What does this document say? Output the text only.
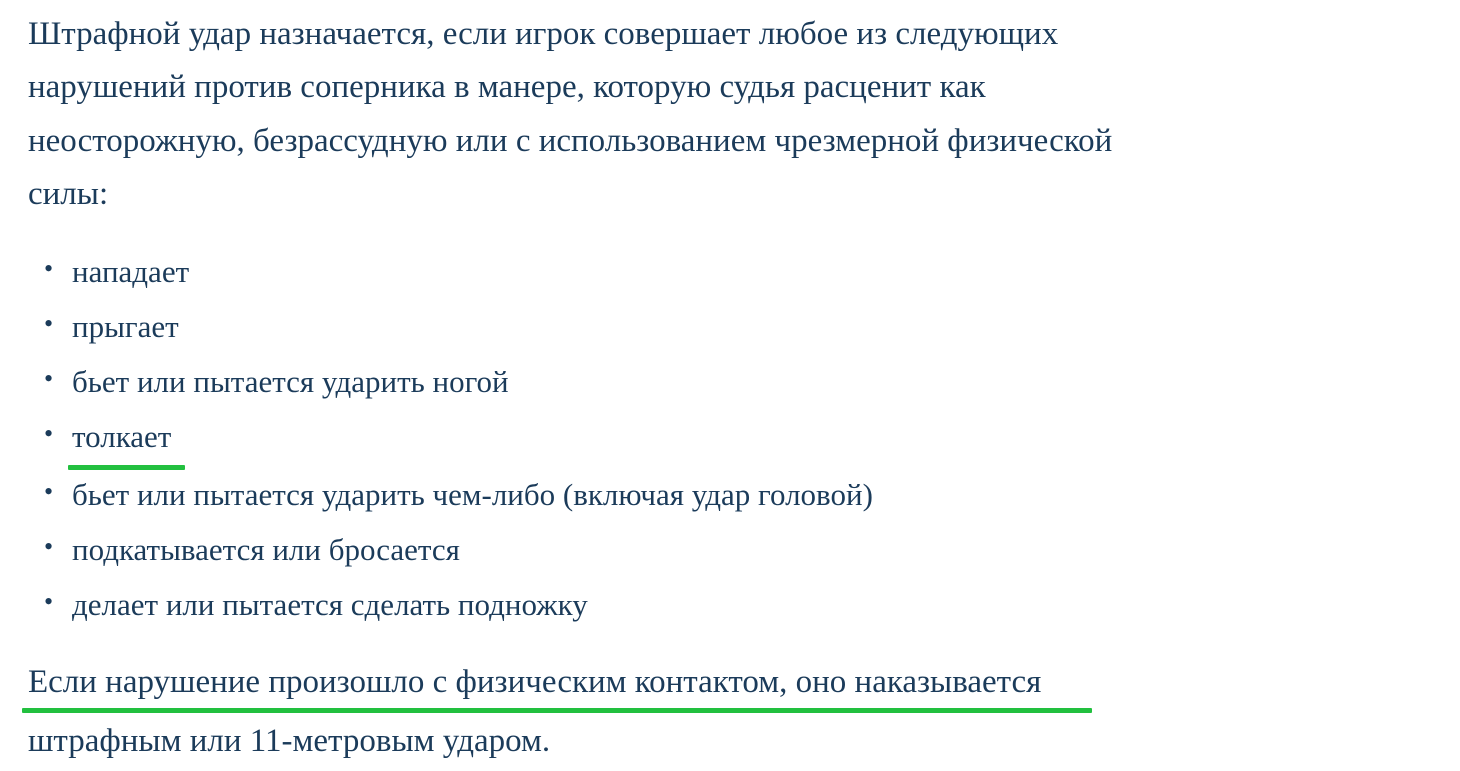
Штрафной удар назначается, если игрок совершает любое из следующих
нарушений против соперника в манере, которую судья расценит как
неосторожную, безрассудную или с использованием чрезмерной физической
силы:

• нападает
• прыгает
• бьет или пытается ударить ногой
• толкает
• бьет или пытается ударить чем-либо (включая удар головой)
• подкатывается или бросается
• делает или пытается сделать подножку

Если нарушение произошло с физическим контактом, оно наказывается
штрафным или 11-метровым ударом.
